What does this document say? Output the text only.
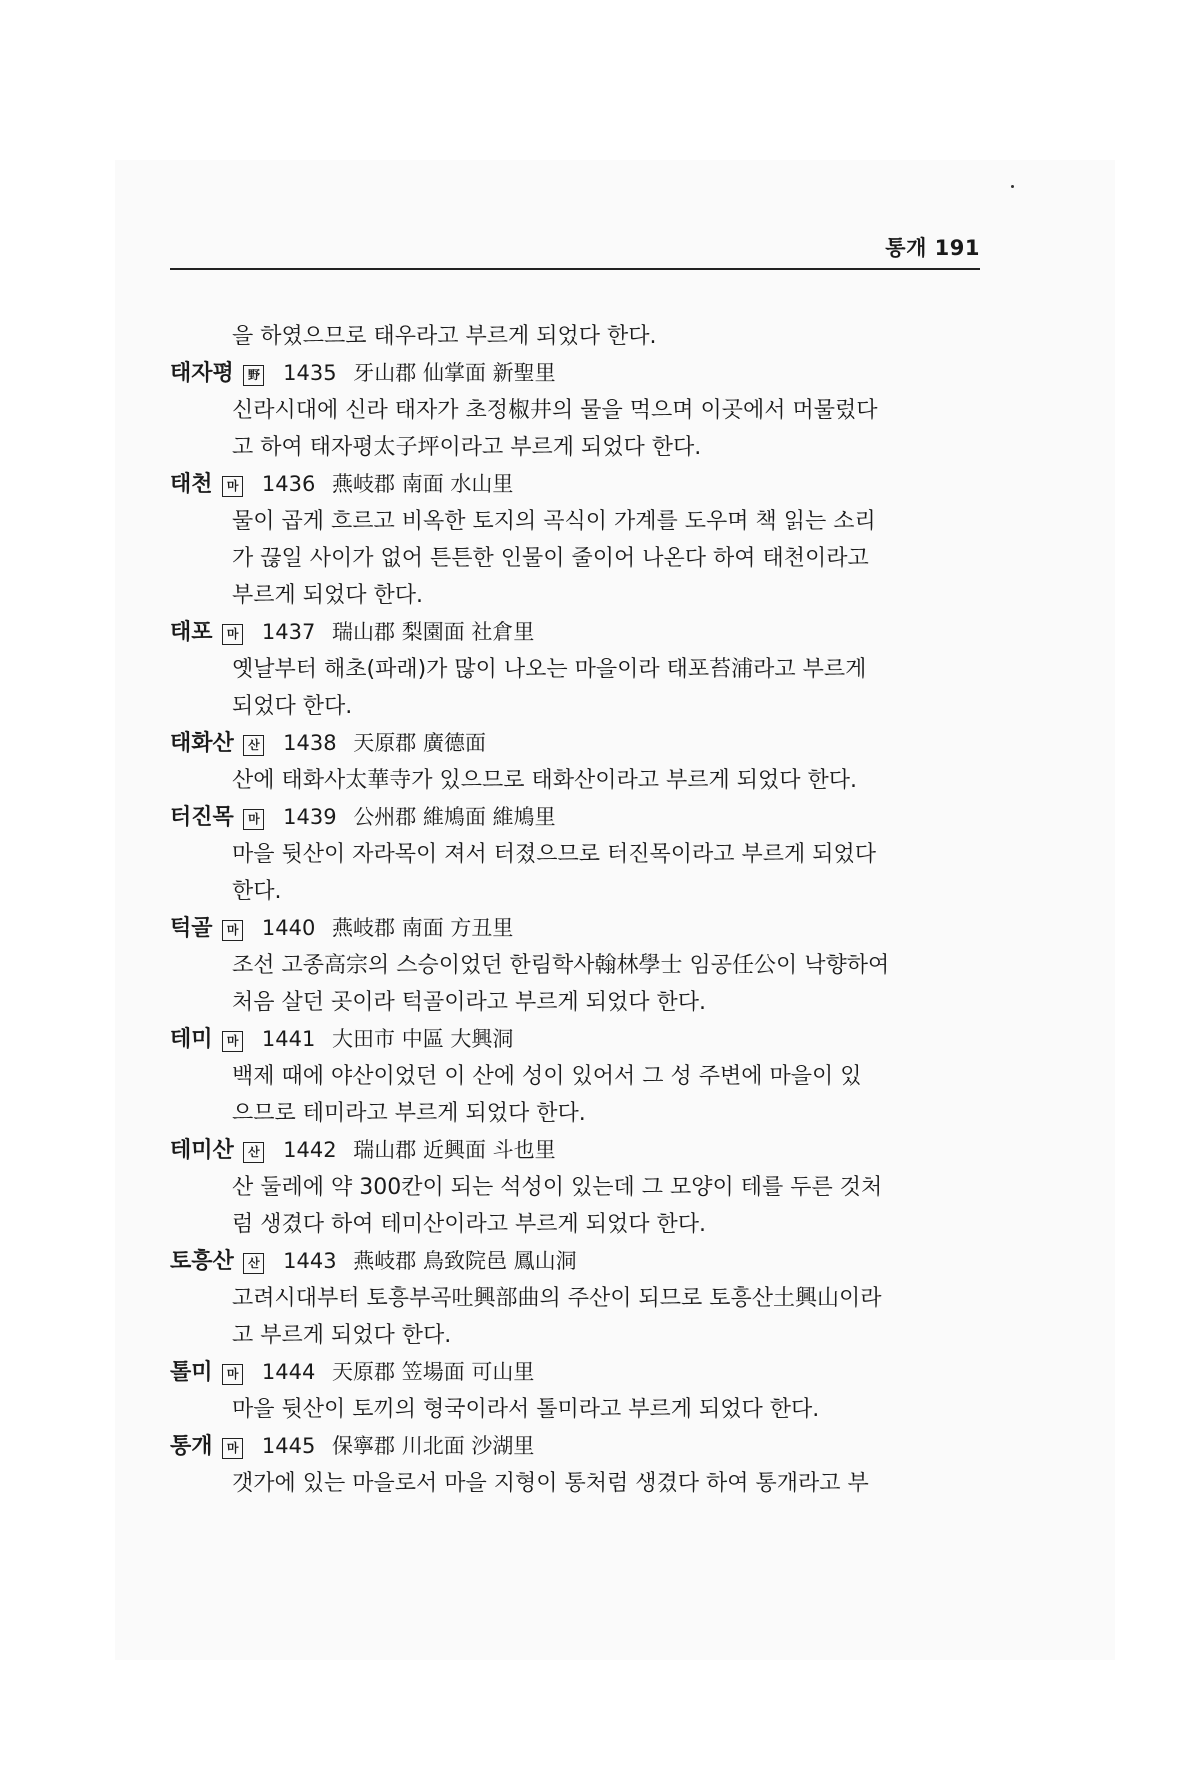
통개 191
을 하였으므로 태우라고 부르게 되었다 한다.
태자평 野 1435 牙山郡 仙掌面 新聖里
신라시대에 신라 태자가 초정椒井의 물을 먹으며 이곳에서 머물렀다
고 하여 태자평太子坪이라고 부르게 되었다 한다.
태천 마 1436 燕岐郡 南面 水山里
물이 곱게 흐르고 비옥한 토지의 곡식이 가계를 도우며 책 읽는 소리
가 끊일 사이가 없어 튼튼한 인물이 줄이어 나온다 하여 태천이라고
부르게 되었다 한다.
태포 마 1437 瑞山郡 梨園面 社倉里
옛날부터 해초(파래)가 많이 나오는 마을이라 태포苔浦라고 부르게
되었다 한다.
태화산 산 1438 天原郡 廣德面
산에 태화사太華寺가 있으므로 태화산이라고 부르게 되었다 한다.
터진목 마 1439 公州郡 維鳩面 維鳩里
마을 뒷산이 자라목이 져서 터졌으므로 터진목이라고 부르게 되었다
한다.
턱골 마 1440 燕岐郡 南面 方丑里
조선 고종高宗의 스승이었던 한림학사翰林學士 임공任公이 낙향하여
처음 살던 곳이라 턱골이라고 부르게 되었다 한다.
테미 마 1441 大田市 中區 大興洞
백제 때에 야산이었던 이 산에 성이 있어서 그 성 주변에 마을이 있
으므로 테미라고 부르게 되었다 한다.
테미산 산 1442 瑞山郡 近興面 斗也里
산 둘레에 약 300칸이 되는 석성이 있는데 그 모양이 테를 두른 것처
럼 생겼다 하여 테미산이라고 부르게 되었다 한다.
토흥산 산 1443 燕岐郡 鳥致院邑 鳳山洞
고려시대부터 토흥부곡吐興部曲의 주산이 되므로 토흥산土興山이라
고 부르게 되었다 한다.
톨미 마 1444 天原郡 笠場面 可山里
마을 뒷산이 토끼의 형국이라서 톨미라고 부르게 되었다 한다.
통개 마 1445 保寧郡 川北面 沙湖里
갯가에 있는 마을로서 마을 지형이 통처럼 생겼다 하여 통개라고 부
